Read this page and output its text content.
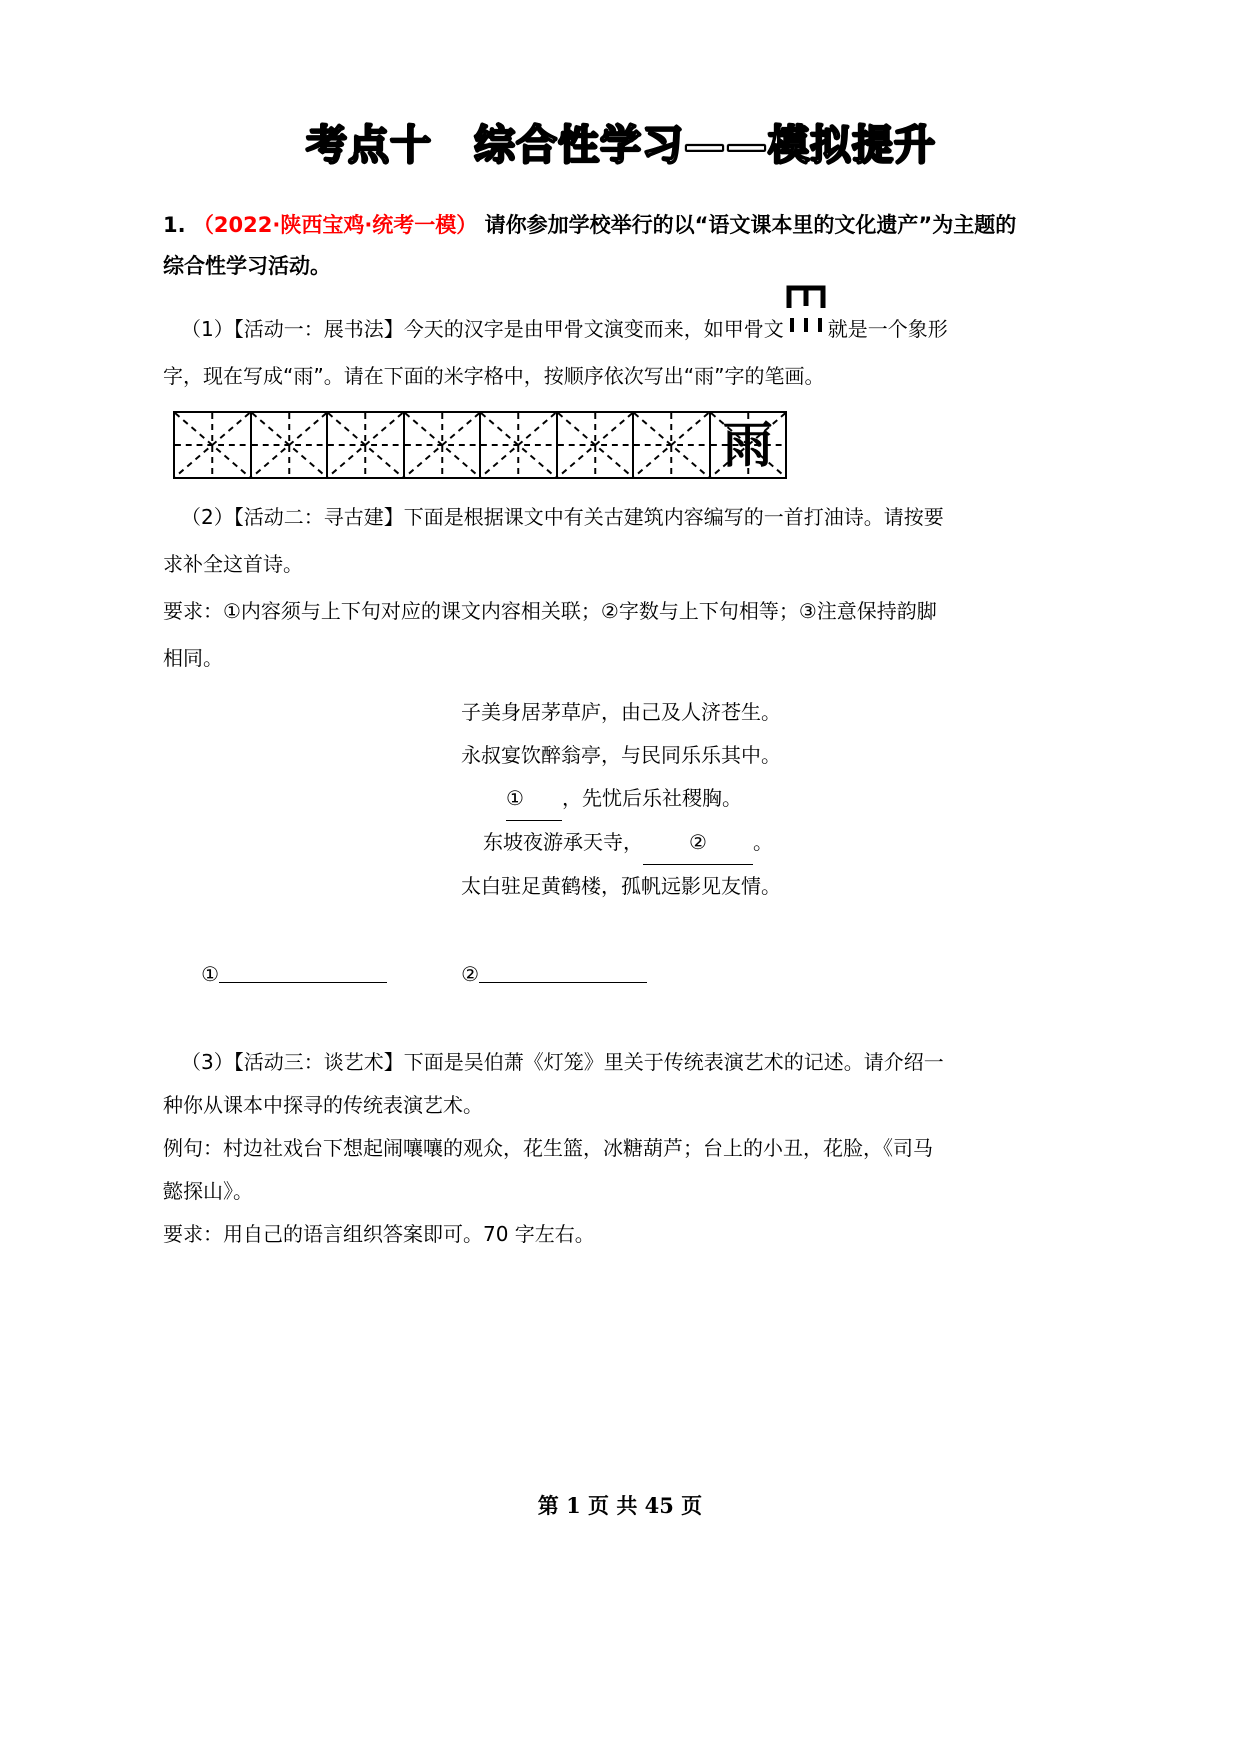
考点十　综合性学习——模拟提升
1. （2022·陕西宝鸡·统考一模） 请你参加学校举行的以“语文课本里的文化遗产”为主题的
综合性学习活动。
（1）【活动一：展书法】今天的汉字是由甲骨文演变而来，如甲骨文 就是一个象形
字，现在写成“雨”。请在下面的米字格中，按顺序依次写出“雨”字的笔画。
雨
（2）【活动二：寻古建】下面是根据课文中有关古建筑内容编写的一首打油诗。请按要
求补全这首诗。
要求：①内容须与上下句对应的课文内容相关联；②字数与上下句相等；③注意保持韵脚
相同。
子美身居茅草庐，由己及人济苍生。
永叔宴饮醉翁亭，与民同乐乐其中。
① ，先忧后乐社稷胸。
东坡夜游承天寺， ② 。
太白驻足黄鹤楼，孤帆远影见友情。

①	②

（3）【活动三：谈艺术】下面是吴伯萧《灯笼》里关于传统表演艺术的记述。请介绍一
种你从课本中探寻的传统表演艺术。
例句：村边社戏台下想起闹嚷嚷的观众，花生篮，冰糖葫芦；台上的小丑，花脸，《司马
懿探山》。
要求：用自己的语言组织答案即可。70 字左右。
第 1 页 共 45 页
